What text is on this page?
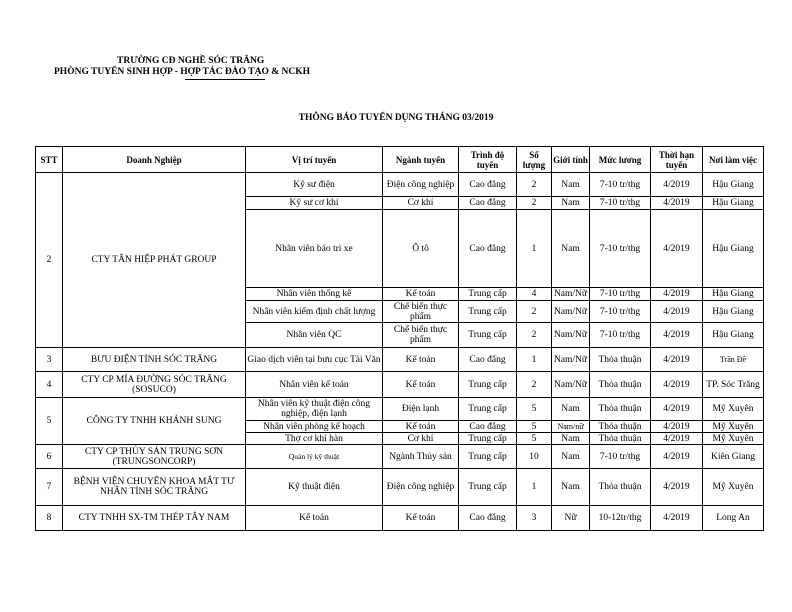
TRƯỜNG CĐ NGHỀ SÓC TRĂNG
PHÒNG TUYỂN SINH HỢP - HỢP TÁC ĐÀO TẠO & NCKH
THÔNG BÁO TUYỂN DỤNG THÁNG 03/2019
STT	Doanh Nghiệp	Vị trí tuyển	Ngành tuyển	Trình độ tuyển	Số lượng	Giới tính	Mức lương	Thời hạn tuyển	Nơi làm việc
2	CTY TÂN HIỆP PHÁT GROUP	Kỹ sư điện	Điện công nghiệp	Cao đẳng	2	Nam	7-10 tr/thg	4/2019	Hậu Giang
		Kỹ sư cơ khí	Cơ khí	Cao đẳng	2	Nam	7-10 tr/thg	4/2019	Hậu Giang
		Nhân viên bảo trì xe	Ô tô	Cao đẳng	1	Nam	7-10 tr/thg	4/2019	Hậu Giang
		Nhân viên thống kê	Kế toán	Trung cấp	4	Nam/Nữ	7-10 tr/thg	4/2019	Hậu Giang
		Nhân viên kiểm định chất lượng	Chế biến thực phẩm	Trung cấp	2	Nam/Nữ	7-10 tr/thg	4/2019	Hậu Giang
		Nhân viên QC	Chế biến thực phẩm	Trung cấp	2	Nam/Nữ	7-10 tr/thg	4/2019	Hậu Giang
3	BƯU ĐIỆN TỈNH SÓC TRĂNG	Giao dịch viên tại bưu cục Tài Văn	Kế toán	Cao đẳng	1	Nam/Nữ	Thỏa thuận	4/2019	Trần Đề
4	CTY CP MÍA ĐƯỜNG SÓC TRĂNG (SOSUCO)	Nhân viên kế toán	Kế toán	Trung cấp	2	Nam/Nữ	Thỏa thuận	4/2019	TP. Sóc Trăng
5	CÔNG TY TNHH KHÁNH SUNG	Nhân viên kỹ thuật điện công nghiệp, điện lạnh	Điện lạnh	Trung cấp	5	Nam	Thỏa thuận	4/2019	Mỹ Xuyên
		Nhân viên phòng kế hoạch	Kế toán	Cao đẳng	5	Nam/nữ	Thỏa thuận	4/2019	Mỹ Xuyên
		Thợ cơ khí hàn	Cơ khí	Trung cấp	5	Nam	Thỏa thuận	4/2019	Mỹ Xuyên
6	CTY CP THỦY SẢN TRUNG SƠN (TRUNGSONCORP)	Quản lý kỹ thuật	Ngành Thủy sản	Trung cấp	10	Nam	7-10 tr/thg	4/2019	Kiên Giang
7	BỆNH VIỆN CHUYÊN KHOA MẮT TƯ NHÂN TỈNH SÓC TRĂNG	Kỹ thuật điện	Điện công nghiệp	Trung cấp	1	Nam	Thỏa thuận	4/2019	Mỹ Xuyên
8	CTY TNHH SX-TM THÉP TÂY NAM	Kế toán	Kế toán	Cao đẳng	3	Nữ	10-12tr/thg	4/2019	Long An
